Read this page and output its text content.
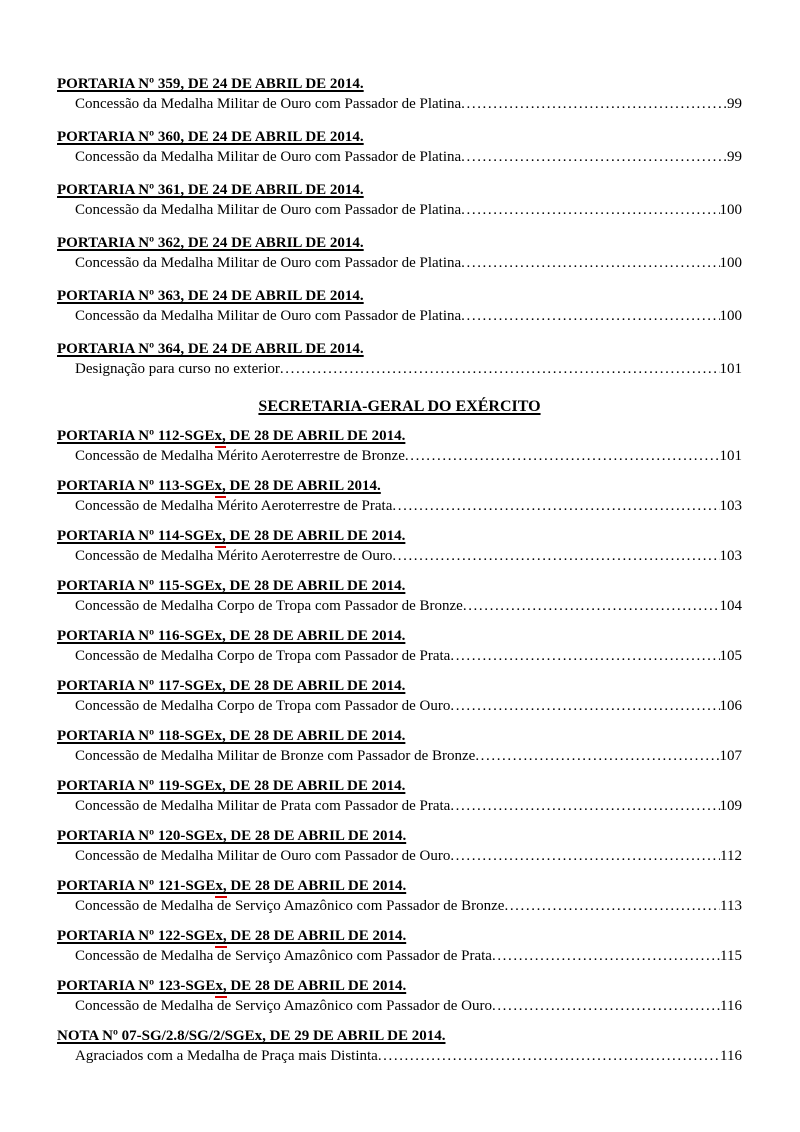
PORTARIA Nº 359, DE 24 DE ABRIL DE 2014.
Concessão da Medalha Militar de Ouro com Passador de Platina .....	99
PORTARIA Nº 360, DE 24 DE ABRIL DE 2014.
Concessão da Medalha Militar de Ouro com Passador de Platina .....	99
PORTARIA Nº 361, DE 24 DE ABRIL DE 2014.
Concessão da Medalha Militar de Ouro com Passador de Platina .....	100
PORTARIA Nº 362, DE 24 DE ABRIL DE 2014.
Concessão da Medalha Militar de Ouro com Passador de Platina .....	100
PORTARIA Nº 363, DE 24 DE ABRIL DE 2014.
Concessão da Medalha Militar de Ouro com Passador de Platina .....	100
PORTARIA Nº 364, DE 24 DE ABRIL DE 2014.
Designação para curso no exterior .....	101
SECRETARIA-GERAL DO EXÉRCITO
PORTARIA Nº 112-SGEx, DE 28 DE ABRIL DE 2014.
Concessão de Medalha Mérito Aeroterrestre de Bronze .....	101
PORTARIA Nº 113-SGEx, DE 28 DE ABRIL 2014.
Concessão de Medalha Mérito Aeroterrestre de Prata .....	103
PORTARIA Nº 114-SGEx, DE 28 DE ABRIL DE 2014.
Concessão de Medalha Mérito Aeroterrestre de Ouro .....	103
PORTARIA Nº 115-SGEx, DE 28 DE ABRIL DE 2014.
Concessão de Medalha Corpo de Tropa com Passador de Bronze .....	104
PORTARIA Nº 116-SGEx, DE 28 DE ABRIL DE 2014.
Concessão de Medalha Corpo de Tropa com Passador de Prata .....	105
PORTARIA Nº 117-SGEx, DE 28 DE ABRIL DE 2014.
Concessão de Medalha Corpo de Tropa com Passador de Ouro .....	106
PORTARIA Nº 118-SGEx, DE 28 DE ABRIL DE 2014.
Concessão de Medalha Militar de Bronze com Passador de Bronze .....	107
PORTARIA Nº 119-SGEx, DE 28 DE ABRIL DE 2014.
Concessão de Medalha Militar de Prata com Passador de Prata .....	109
PORTARIA Nº 120-SGEx, DE 28 DE ABRIL DE 2014.
Concessão de Medalha Militar de Ouro com Passador de Ouro .....	112
PORTARIA Nº 121-SGEx, DE 28 DE ABRIL DE 2014.
Concessão de Medalha de Serviço Amazônico com Passador de Bronze .....	113
PORTARIA Nº 122-SGEx, DE 28 DE ABRIL DE 2014.
Concessão de Medalha de Serviço Amazônico com Passador de Prata .....	115
PORTARIA Nº 123-SGEx, DE 28 DE ABRIL DE 2014.
Concessão de Medalha de Serviço Amazônico com Passador de Ouro .....	116
NOTA Nº 07-SG/2.8/SG/2/SGEx, DE 29 DE ABRIL DE 2014.
Agraciados com a Medalha de Praça mais Distinta .....	116
